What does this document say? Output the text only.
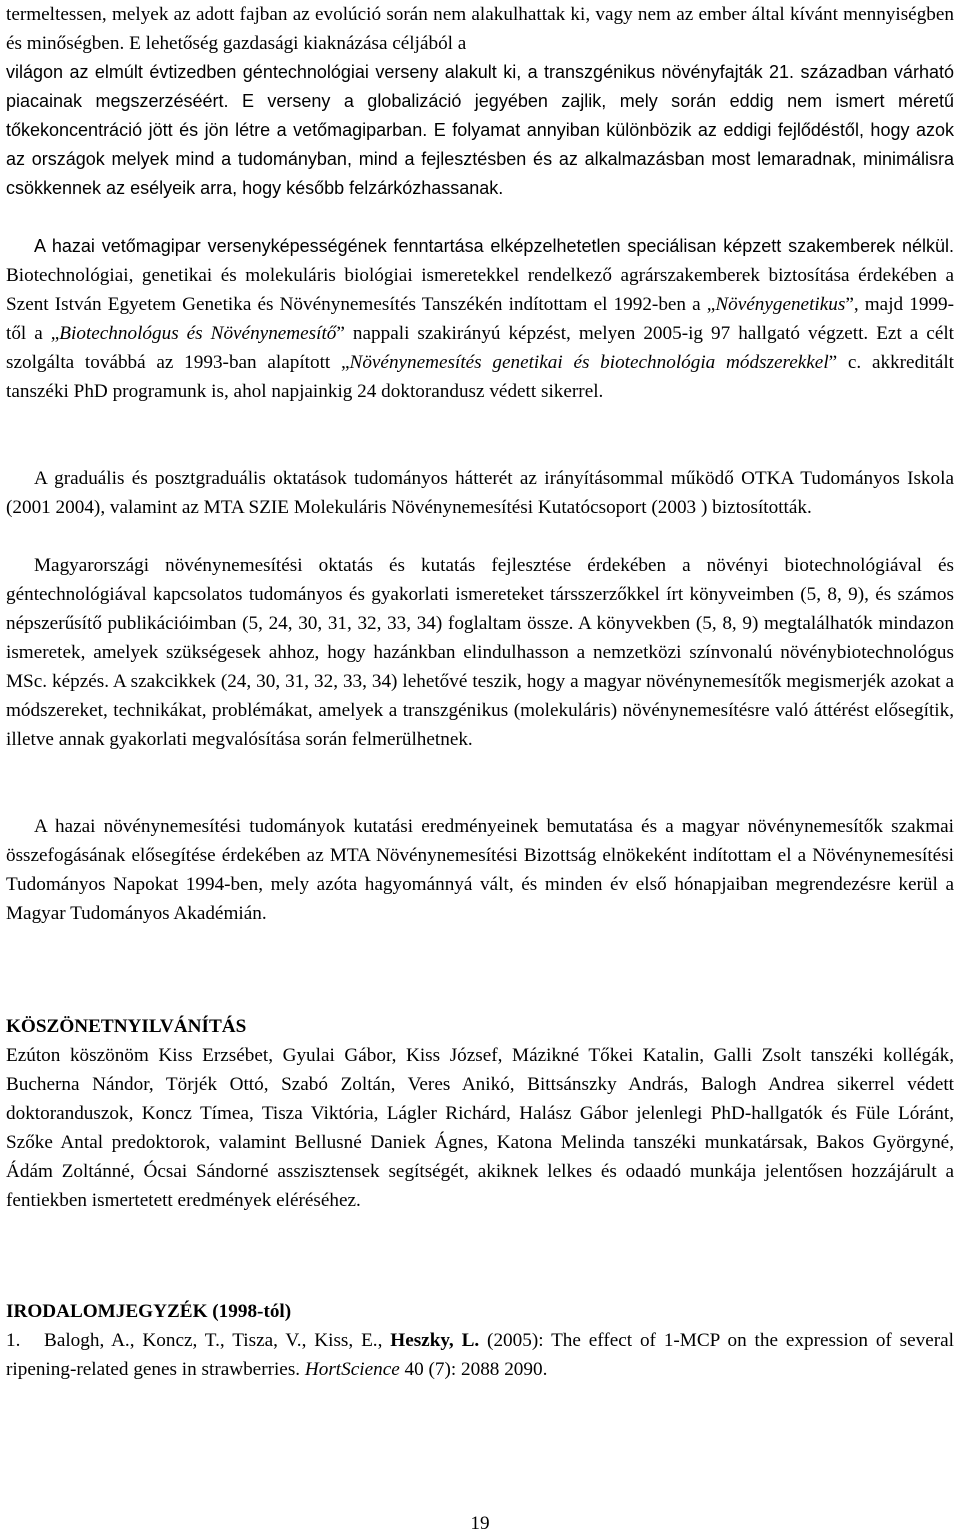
termeltessen, melyek az adott fajban az evolúció során nem alakulhattak ki, vagy nem az ember által kívánt mennyiségben és minőségben. E lehetőség gazdasági kiaknázása céljából a
világon az elmúlt évtizedben géntechnológiai verseny alakult ki, a transzgénikus növényfajták 21. században várható piacainak megszerzéséért. E verseny a globalizáció jegyében zajlik, mely során eddig nem ismert méretű tőkekoncentráció jött és jön létre a vetőmagiparban. E folyamat annyiban különbözik az eddigi fejlődéstől, hogy azok az országok melyek mind a tudományban, mind a fejlesztésben és az alkalmazásban most lemaradnak, minimálisra csökkennek az esélyeik arra, hogy később felzárkózhassanak.
A hazai vetőmagipar versenyképességének fenntartása elképzelhetetlen speciálisan képzett szakemberek nélkül. Biotechnológiai, genetikai és molekuláris biológiai ismeretekkel rendelkező agrárszakemberek biztosítása érdekében a Szent István Egyetem Genetika és Növénynemesítés Tanszékén indítottam el 1992-ben a „Növénygenetikus”, majd 1999-től a „Biotechnológus és Növénynemesítő” nappali szakirányú képzést, melyen 2005-ig 97 hallgató végzett. Ezt a célt szolgálta továbbá az 1993-ban alapított „Növénynemesítés genetikai és biotechnológia módszerekkel” c. akkreditált tanszéki PhD programunk is, ahol napjainkig 24 doktorandusz védett sikerrel.
A graduális és posztgraduális oktatások tudományos hátterét az irányításommal működő OTKA Tudományos Iskola (2001 2004), valamint az MTA SZIE Molekuláris Növénynemesítési Kutatócsoport (2003 ) biztosították.
Magyarországi növénynemesítési oktatás és kutatás fejlesztése érdekében a növényi biotechnológiával és géntechnológiával kapcsolatos tudományos és gyakorlati ismereteket társszerzőkkel írt könyveimben (5, 8, 9), és számos népszerűsítő publikációimban (5, 24, 30, 31, 32, 33, 34) foglaltam össze. A könyvekben (5, 8, 9) megtalálhatók mindazon ismeretek, amelyek szükségesek ahhoz, hogy hazánkban elindulhasson a nemzetközi színvonalú növénybiotechnológus MSc. képzés. A szakcikkek (24, 30, 31, 32, 33, 34) lehetővé teszik, hogy a magyar növénynemesítők megismerjék azokat a módszereket, technikákat, problémákat, amelyek a transzgénikus (molekuláris) növénynemesítésre való áttérést elősegítik, illetve annak gyakorlati megvalósítása során felmerülhetnek.
A hazai növénynemesítési tudományok kutatási eredményeinek bemutatása és a magyar növénynemesítők szakmai összefogásának elősegítése érdekében az MTA Növénynemesítési Bizottság elnökeként indítottam el a Növénynemesítési Tudományos Napokat 1994-ben, mely azóta hagyománnyá vált, és minden év első hónapjaiban megrendezésre kerül a Magyar Tudományos Akadémián.
KÖSZÖNETNYILVÁNÍTÁS
Ezúton köszönöm Kiss Erzsébet, Gyulai Gábor, Kiss József, Mázikné Tőkei Katalin, Galli Zsolt tanszéki kollégák, Bucherna Nándor, Törjék Ottó, Szabó Zoltán, Veres Anikó, Bittsánszky András, Balogh Andrea sikerrel védett doktoranduszok, Koncz Tímea, Tisza Viktória, Lágler Richárd, Halász Gábor jelenlegi PhD-hallgatók és Füle Lóránt, Szőke Antal predoktorok, valamint Bellusné Daniek Ágnes, Katona Melinda tanszéki munkatársak, Bakos Györgyné, Ádám Zoltánné, Ócsai Sándorné asszisztensek segítségét, akiknek lelkes és odaadó munkája jelentősen hozzájárult a fentiekben ismertetett eredmények eléréséhez.
IRODALOMJEGYZÉK (1998-tól)
1. Balogh, A., Koncz, T., Tisza, V., Kiss, E., Heszky, L. (2005): The effect of 1-MCP on the expression of several ripening-related genes in strawberries. HortScience 40 (7): 2088 2090.
19
